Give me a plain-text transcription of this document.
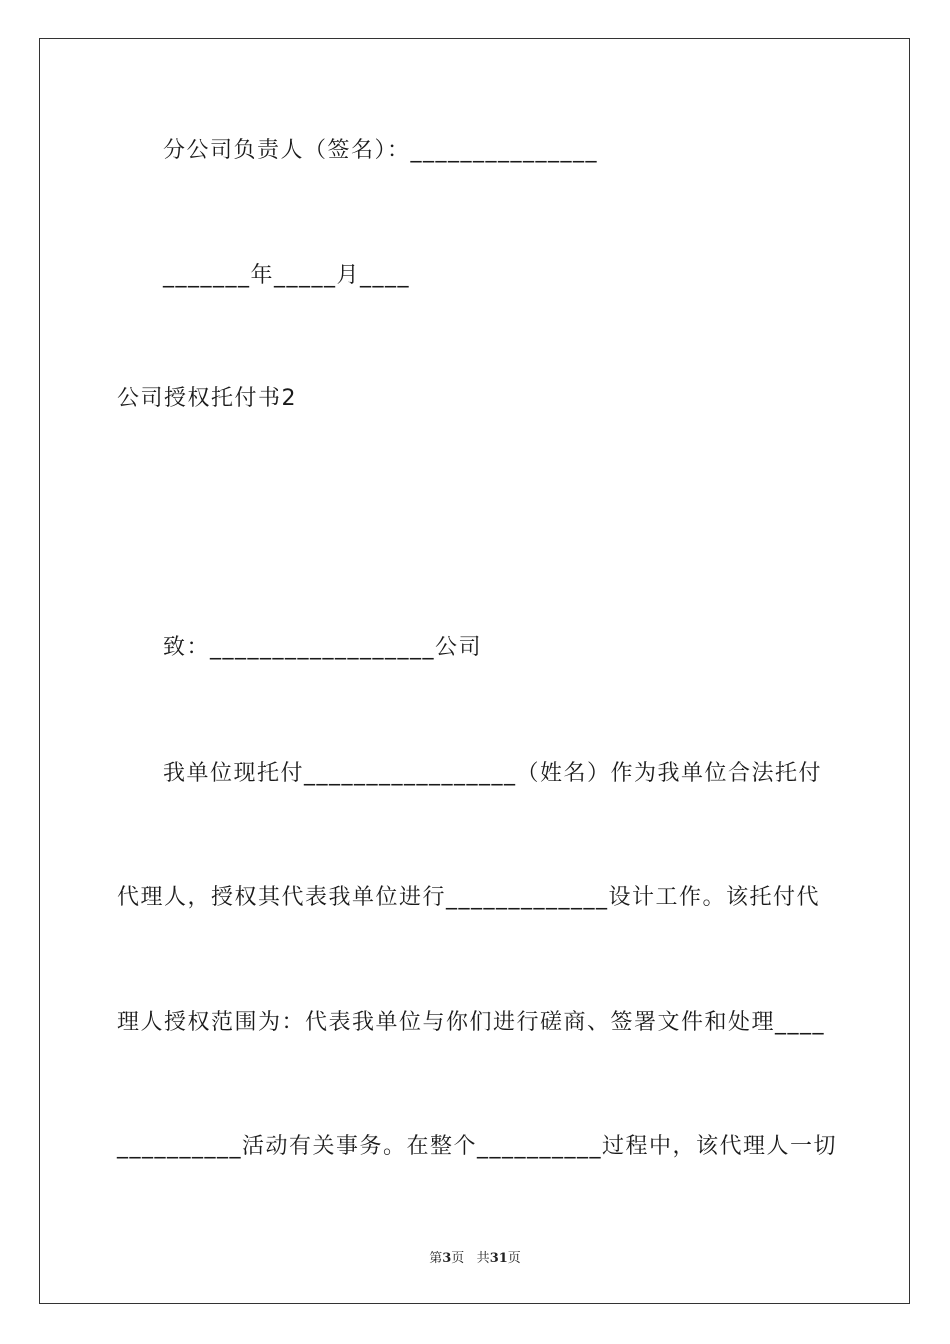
分公司负责人（签名）：_______________
_______年_____月____
公司授权托付书2
致：__________________公司
我单位现托付_________________（姓名）作为我单位合法托付
代理人，授权其代表我单位进行_____________设计工作。该托付代
理人授权范围为：代表我单位与你们进行磋商、签署文件和处理____
__________活动有关事务。在整个__________过程中，该代理人一切
第3页 共31页
